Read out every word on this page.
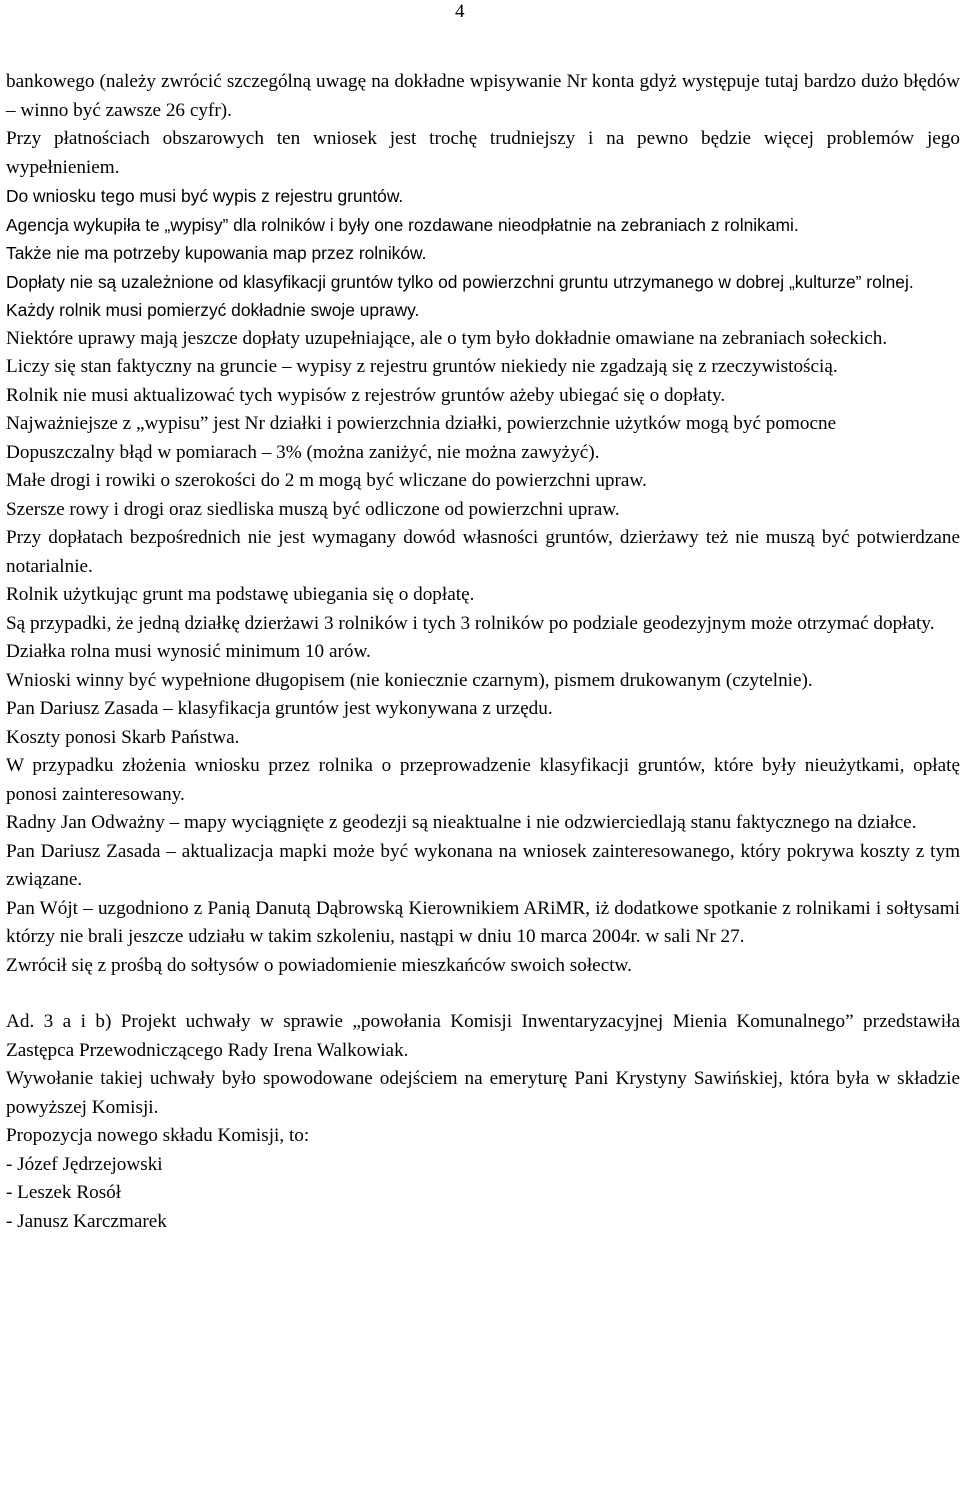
4

bankowego (należy zwrócić szczególną uwagę na dokładne wpisywanie Nr konta gdyż występuje tutaj bardzo dużo błędów – winno być zawsze 26 cyfr).

Przy płatnościach obszarowych ten wniosek jest trochę trudniejszy i na pewno będzie więcej problemów jego wypełnieniem.

Do wniosku tego musi być wypis z rejestru gruntów.

Agencja wykupiła te „wypisy” dla rolników i były one rozdawane nieodpłatnie na zebraniach z rolnikami.

Także nie ma potrzeby kupowania map przez rolników.

Dopłaty nie są uzależnione od klasyfikacji gruntów tylko od powierzchni gruntu utrzymanego w dobrej „kulturze” rolnej.

Każdy rolnik musi pomierzyć dokładnie swoje uprawy.

Niektóre uprawy mają jeszcze dopłaty uzupełniające, ale o tym było dokładnie omawiane na zebraniach sołeckich.

Liczy się stan faktyczny na gruncie – wypisy z rejestru gruntów niekiedy nie zgadzają się z rzeczywistością.

Rolnik nie musi aktualizować tych wypisów z rejestrów gruntów ażeby ubiegać się o dopłaty.

Najważniejsze z „wypisu” jest Nr działki i powierzchnia działki, powierzchnie użytków mogą być pomocne

Dopuszczalny błąd w pomiarach – 3% (można zaniżyć, nie można zawyżyć).

Małe drogi i rowiki o szerokości do 2 m mogą być wliczane do powierzchni upraw.

Szersze rowy i drogi oraz siedliska muszą być odliczone od powierzchni upraw.

Przy dopłatach bezpośrednich nie jest wymagany dowód własności gruntów, dzierżawy też nie muszą być potwierdzane notarialnie.

Rolnik użytkując grunt ma podstawę ubiegania się o dopłatę.

Są przypadki, że jedną działkę dzierżawi 3 rolników i tych 3 rolników po podziale geodezyjnym może otrzymać dopłaty.

Działka rolna musi wynosić minimum 10 arów.

Wnioski winny być wypełnione długopisem (nie koniecznie czarnym), pismem drukowanym (czytelnie).

Pan Dariusz Zasada – klasyfikacja gruntów jest wykonywana z urzędu.

Koszty ponosi Skarb Państwa.

W przypadku złożenia wniosku przez rolnika o przeprowadzenie klasyfikacji gruntów, które były nieużytkami, opłatę ponosi zainteresowany.

Radny Jan Odważny – mapy wyciągnięte z geodezji są nieaktualne i nie odzwierciedlają stanu faktycznego na działce.

Pan Dariusz Zasada – aktualizacja mapki może być wykonana na wniosek zainteresowanego, który pokrywa koszty z tym związane.

Pan Wójt – uzgodniono z Panią Danutą Dąbrowską Kierownikiem ARiMR, iż dodatkowe spotkanie z rolnikami i sołtysami którzy nie brali jeszcze udziału w takim szkoleniu, nastąpi w dniu 10 marca 2004r. w sali Nr 27.

Zwrócił się z prośbą do sołtysów o powiadomienie mieszkańców swoich sołectw.

Ad. 3 a i b) Projekt uchwały w sprawie „powołania Komisji Inwentaryzacyjnej Mienia Komunalnego” przedstawiła Zastępca Przewodniczącego Rady Irena Walkowiak.

Wywołanie takiej uchwały było spowodowane odejściem na emeryturę Pani Krystyny Sawińskiej, która była w składzie powyższej Komisji.

Propozycja nowego składu Komisji, to:

- Józef Jędrzejowski

- Leszek Rosół

- Janusz Karczmarek
